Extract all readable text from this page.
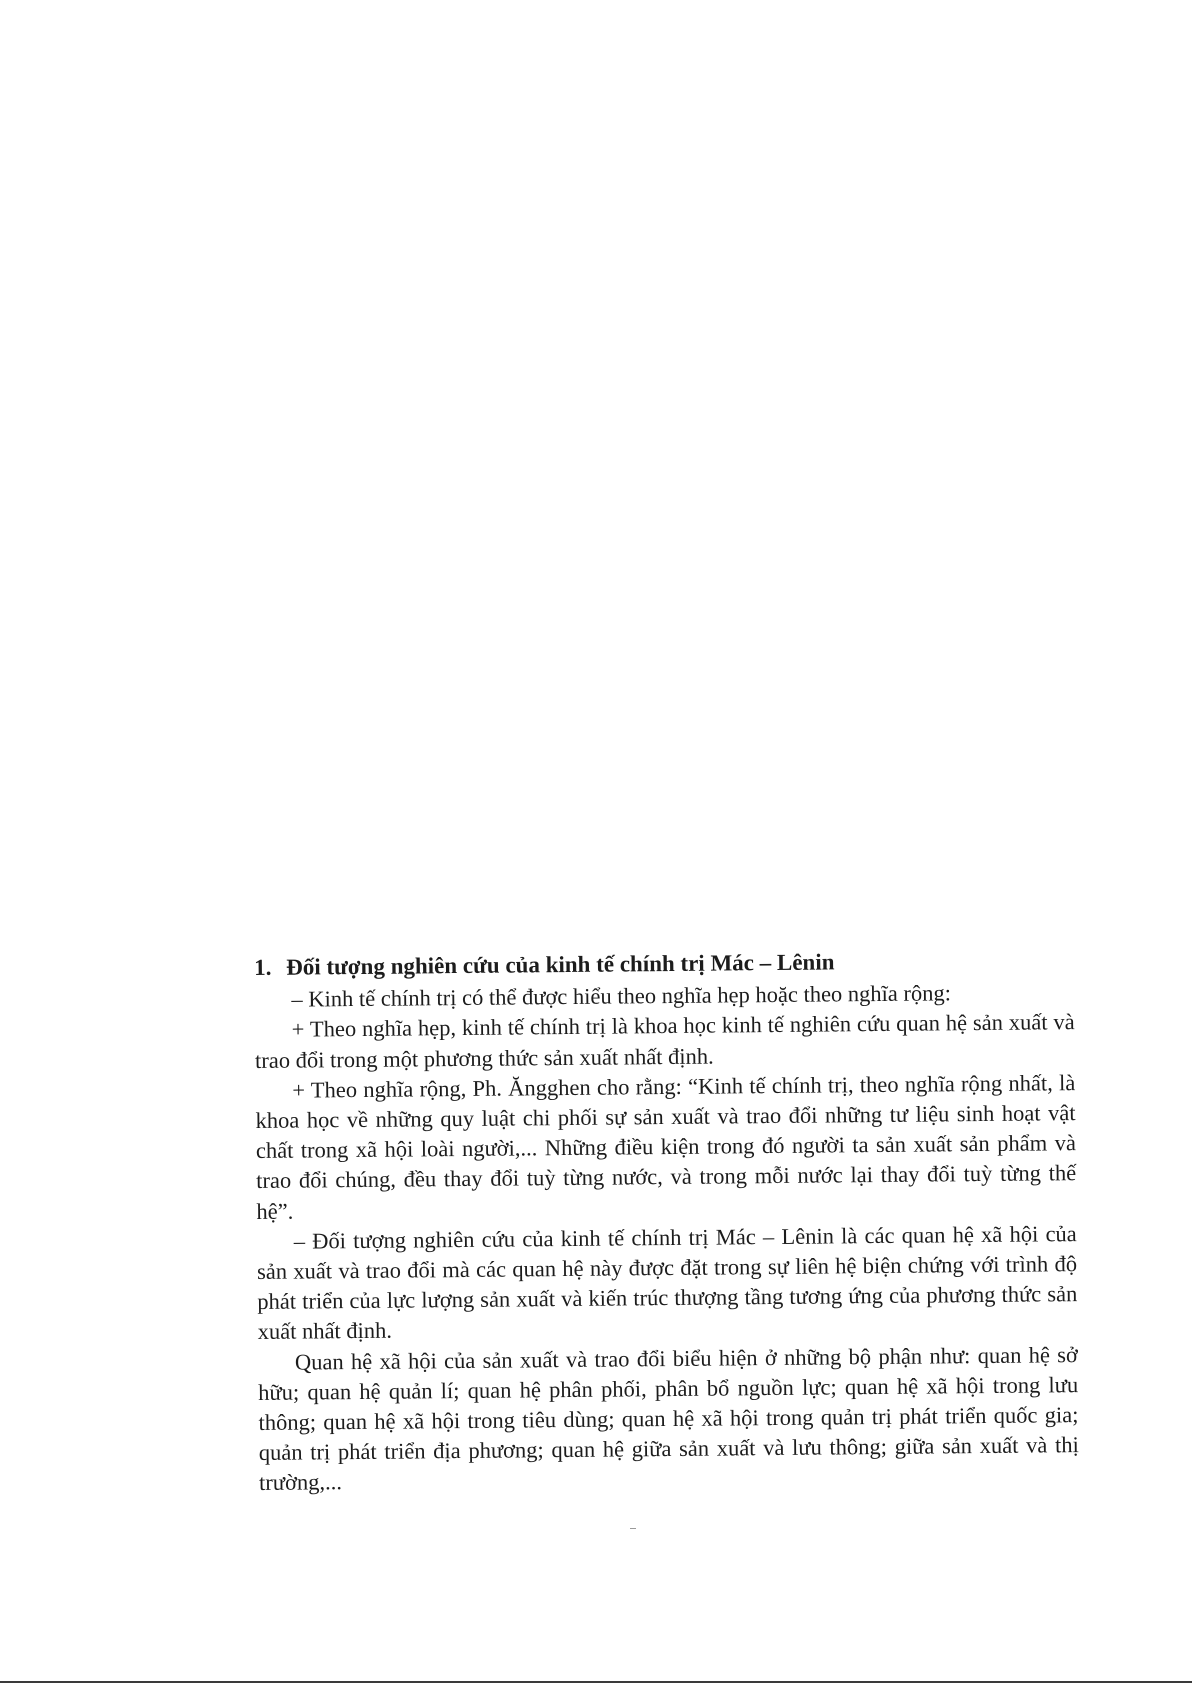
1. Đối tượng nghiên cứu của kinh tế chính trị Mác – Lênin

– Kinh tế chính trị có thể được hiểu theo nghĩa hẹp hoặc theo nghĩa rộng:

+ Theo nghĩa hẹp, kinh tế chính trị là khoa học kinh tế nghiên cứu quan hệ sản xuất và trao đổi trong một phương thức sản xuất nhất định.

+ Theo nghĩa rộng, Ph. Ăngghen cho rằng: “Kinh tế chính trị, theo nghĩa rộng nhất, là khoa học về những quy luật chi phối sự sản xuất và trao đổi những tư liệu sinh hoạt vật chất trong xã hội loài người,... Những điều kiện trong đó người ta sản xuất sản phẩm và trao đổi chúng, đều thay đổi tuỳ từng nước, và trong mỗi nước lại thay đổi tuỳ từng thế hệ”.

– Đối tượng nghiên cứu của kinh tế chính trị Mác – Lênin là các quan hệ xã hội của sản xuất và trao đổi mà các quan hệ này được đặt trong sự liên hệ biện chứng với trình độ phát triển của lực lượng sản xuất và kiến trúc thượng tầng tương ứng của phương thức sản xuất nhất định.

Quan hệ xã hội của sản xuất và trao đổi biểu hiện ở những bộ phận như: quan hệ sở hữu; quan hệ quản lí; quan hệ phân phối, phân bổ nguồn lực; quan hệ xã hội trong lưu thông; quan hệ xã hội trong tiêu dùng; quan hệ xã hội trong quản trị phát triển quốc gia; quản trị phát triển địa phương; quan hệ giữa sản xuất và lưu thông; giữa sản xuất và thị trường,...
